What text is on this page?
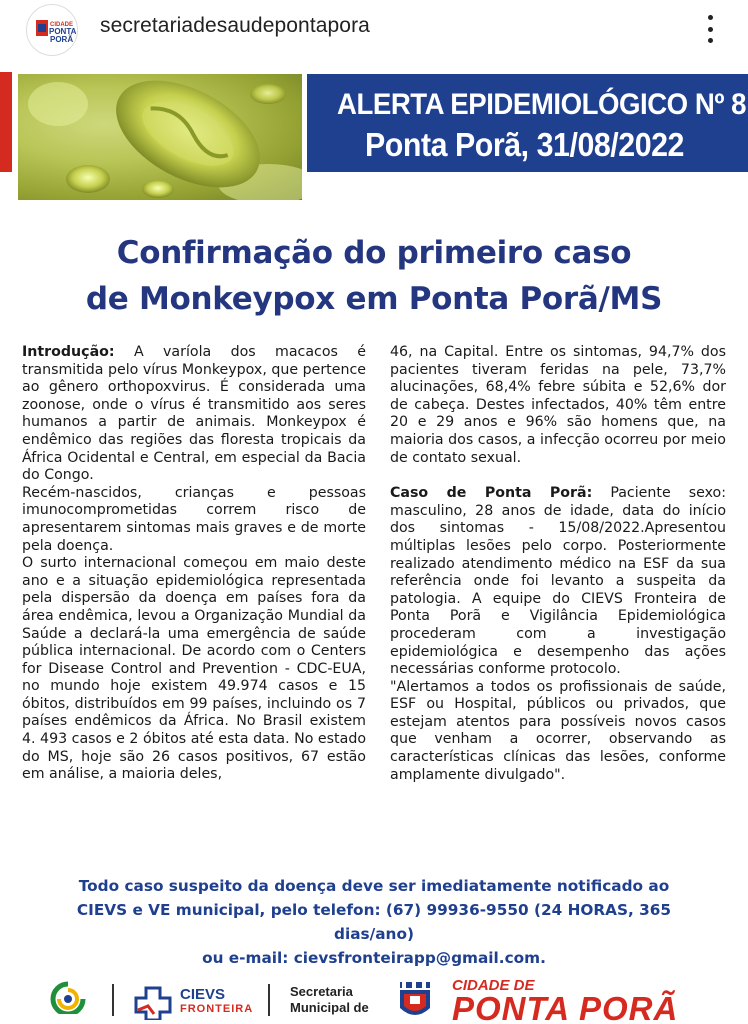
CIDADE
PONTA
PORÃ
secretariadesaudepontapora
ALERTA EPIDEMIOLÓGICO Nº 8
Ponta Porã, 31/08/2022
Confirmação do primeiro caso
de Monkeypox em Ponta Porã/MS

Introdução: A varíola dos macacos é transmitida pelo vírus Monkeypox, que pertence ao gênero orthopoxvirus. É considerada uma zoonose, onde o vírus é transmitido aos seres humanos a partir de animais. Monkeypox é endêmico das regiões das floresta tropicais da África Ocidental e Central, em especial da Bacia do Congo.

Recém-nascidos, crianças e pessoas imunocomprometidas correm risco de apresentarem sintomas mais graves e de morte pela doença.

O surto internacional começou em maio deste ano e a situação epidemiológica representada pela dispersão da doença em países fora da área endêmica, levou a Organização Mundial da Saúde a declará-la uma emergência de saúde pública internacional. De acordo com o Centers for Disease Control and Prevention - CDC-EUA, no mundo hoje existem 49.974 casos e 15 óbitos, distribuídos em 99 países, incluindo os 7 países endêmicos da África. No Brasil existem 4. 493 casos e 2 óbitos até esta data. No estado do MS, hoje são 26 casos positivos, 67 estão em análise, a maioria deles,

46, na Capital. Entre os sintomas, 94,7% dos pacientes tiveram feridas na pele, 73,7% alucinações, 68,4% febre súbita e 52,6% dor de cabeça. Destes infectados, 40% têm entre 20 e 29 anos e 96% são homens que, na maioria dos casos, a infecção ocorreu por meio de contato sexual.

Caso de Ponta Porã: Paciente sexo: masculino, 28 anos de idade, data do início dos sintomas - 15/08/2022.Apresentou múltiplas lesões pelo corpo. Posteriormente realizado atendimento médico na ESF da sua referência onde foi levanto a suspeita da patologia. A equipe do CIEVS Fronteira de Ponta Porã e Vigilância Epidemiológica procederam com a investigação epidemiológica e desempenho das ações necessárias conforme protocolo.

"Alertamos a todos os profissionais de saúde, ESF ou Hospital, públicos ou privados, que estejam atentos para possíveis novos casos que venham a ocorrer, observando as características clínicas das lesões, conforme amplamente divulgado".

Todo caso suspeito da doença deve ser imediatamente notificado ao
CIEVS e VE municipal, pelo telefon: (67) 99936-9550 (24 HORAS, 365 dias/ano)
ou e-mail: cievsfronteirapp@gmail.com.
CIEVS
FRONTEIRA
Secretaria
Municipal de
CIDADE DE
PONTA PORÃ
